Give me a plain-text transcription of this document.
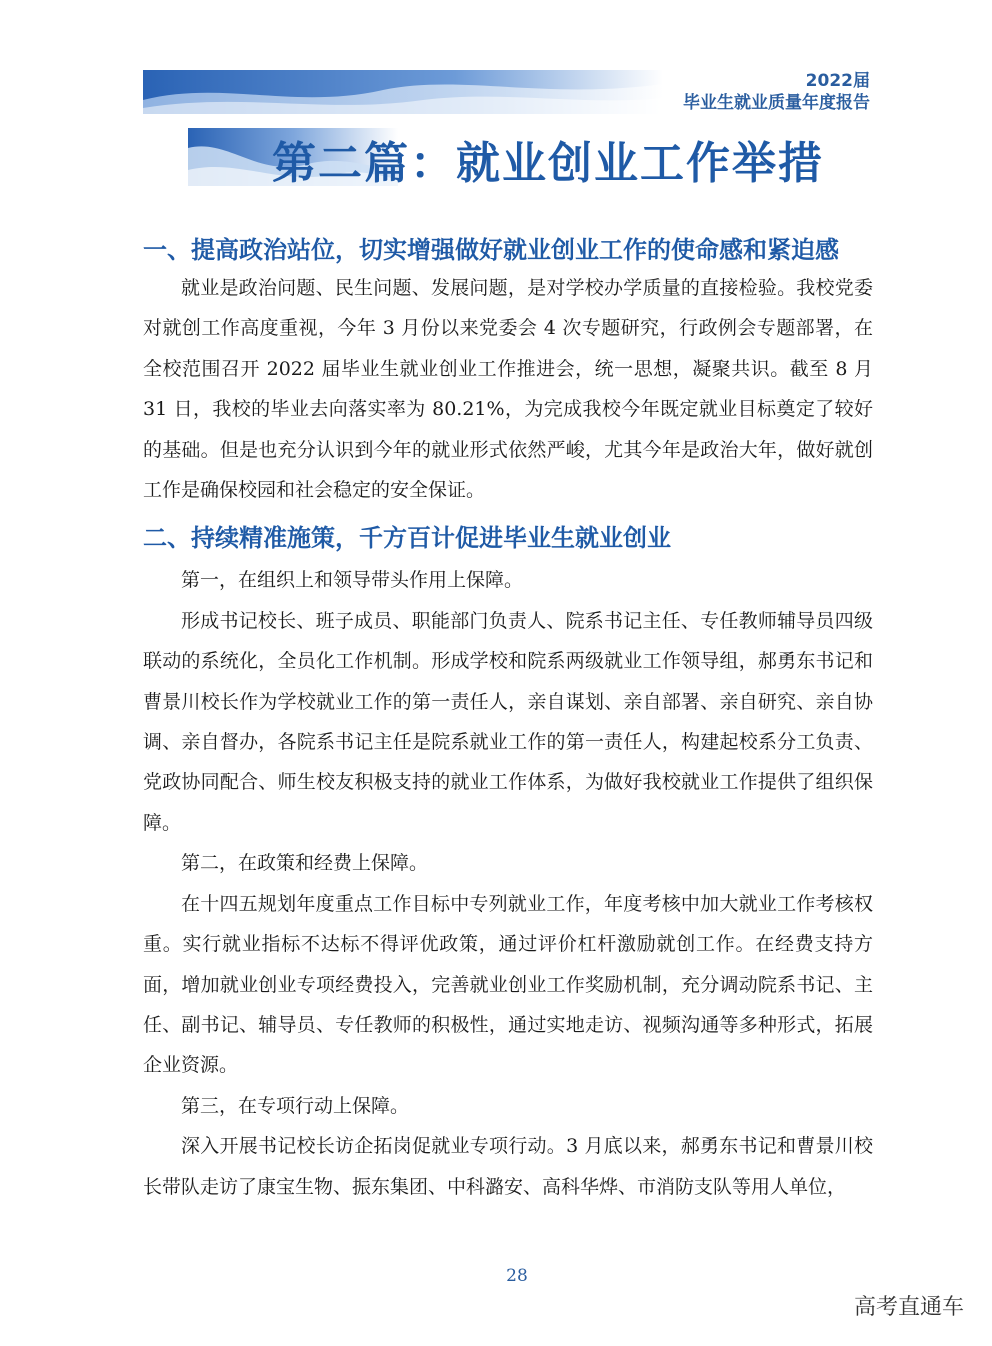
2022届
毕业生就业质量年度报告
第二篇：就业创业工作举措
一、提高政治站位，切实增强做好就业创业工作的使命感和紧迫感

就业是政治问题、民生问题、发展问题，是对学校办学质量的直接检验。我校党委对就创工作高度重视，今年 3 月份以来党委会 4 次专题研究，行政例会专题部署，在全校范围召开 2022 届毕业生就业创业工作推进会，统一思想，凝聚共识。截至 8 月 31 日，我校的毕业去向落实率为 80.21%，为完成我校今年既定就业目标奠定了较好的基础。但是也充分认识到今年的就业形式依然严峻，尤其今年是政治大年，做好就创工作是确保校园和社会稳定的安全保证。

二、持续精准施策，千方百计促进毕业生就业创业

第一，在组织上和领导带头作用上保障。

形成书记校长、班子成员、职能部门负责人、院系书记主任、专任教师辅导员四级联动的系统化，全员化工作机制。形成学校和院系两级就业工作领导组，郝勇东书记和曹景川校长作为学校就业工作的第一责任人，亲自谋划、亲自部署、亲自研究、亲自协调、亲自督办，各院系书记主任是院系就业工作的第一责任人，构建起校系分工负责、党政协同配合、师生校友积极支持的就业工作体系，为做好我校就业工作提供了组织保障。

第二，在政策和经费上保障。

在十四五规划年度重点工作目标中专列就业工作，年度考核中加大就业工作考核权重。实行就业指标不达标不得评优政策，通过评价杠杆激励就创工作。在经费支持方面，增加就业创业专项经费投入，完善就业创业工作奖励机制，充分调动院系书记、主任、副书记、辅导员、专任教师的积极性，通过实地走访、视频沟通等多种形式，拓展企业资源。

第三，在专项行动上保障。

深入开展书记校长访企拓岗促就业专项行动。3 月底以来，郝勇东书记和曹景川校长带队走访了康宝生物、振东集团、中科潞安、高科华烨、市消防支队等用人单位，

28
高考直通车
